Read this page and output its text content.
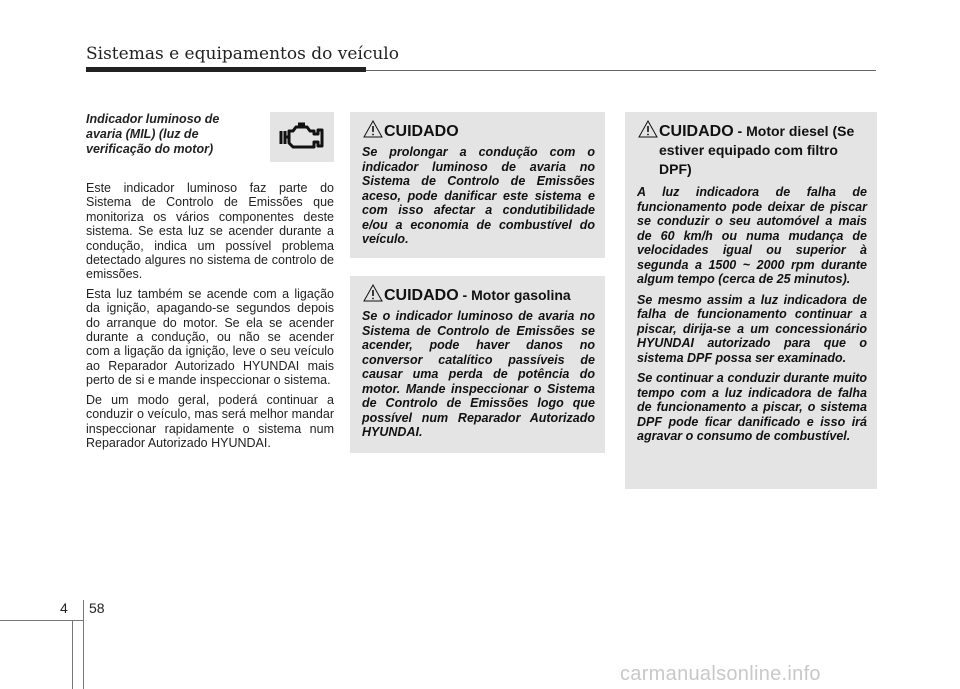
Sistemas e equipamentos do veículo
Indicador luminoso de avaria (MIL) (luz de verificação do motor)

Este indicador luminoso faz parte do Sistema de Controlo de Emissões que monitoriza os vários componentes deste sistema. Se esta luz se acender durante a condução, indica um possível problema detectado algures no sistema de controlo de emissões.

Esta luz também se acende com a ligação da ignição, apagando-se segundos depois do arranque do motor. Se ela se acender durante a condução, ou não se acender com a ligação da ignição, leve o seu veículo ao Reparador Autorizado HYUNDAI mais perto de si e mande inspeccionar o sistema.

De um modo geral, poderá continuar a conduzir o veículo, mas será melhor mandar inspeccionar rapidamente o sistema num Reparador Autorizado HYUNDAI.

CUIDADO

Se prolongar a condução com o indicador luminoso de avaria no Sistema de Controlo de Emissões aceso, pode danificar este sistema e com isso afectar a condutibilidade e/ou a economia de combustível do veículo.

CUIDADO - Motor gasolina

Se o indicador luminoso de avaria no Sistema de Controlo de Emissões se acender, pode haver danos no conversor catalítico passíveis de causar uma perda de potência do motor. Mande inspeccionar o Sistema de Controlo de Emissões logo que possível num Reparador Autorizado HYUNDAI.

CUIDADO - Motor diesel (Se estiver equipado com filtro DPF)

A luz indicadora de falha de funcionamento pode deixar de piscar se conduzir o seu automóvel a mais de 60 km/h ou numa mudança de velocidades igual ou superior à segunda a 1500 ~ 2000 rpm durante algum tempo (cerca de 25 minutos).

Se mesmo assim a luz indicadora de falha de funcionamento continuar a piscar, dirija-se a um concessionário HYUNDAI autorizado para que o sistema DPF possa ser examinado.

Se continuar a conduzir durante muito tempo com a luz indicadora de falha de funcionamento a piscar, o sistema DPF pode ficar danificado e isso irá agravar o consumo de combustível.

4 58
carmanualsonline.info
